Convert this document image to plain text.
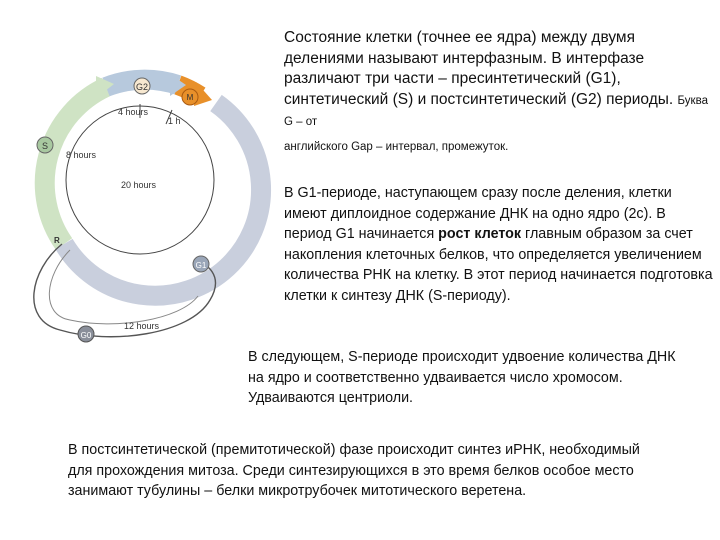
G2
M
S
G1
G0
4 hours
1 h
8 hours
20 hours
12 hours
R

Состояние клетки (точнее ее ядра) между двумя делениями называют интерфазным. В интерфазе различают три части – пресинтетический (G1), синтетический (S) и постсинтетический (G2) периоды. Буква G – от
английского Gap – интервал, промежуток.

В G1-периоде, наступающем сразу после деления, клетки имеют диплоидное содержание ДНК на одно ядро (2с). В период G1 начинается рост клеток главным образом за счет накопления клеточных белков, что определяется увеличением количества РНК на клетку. В этот период начинается подготовка клетки к синтезу ДНК (S-периоду).

В следующем, S-периоде происходит удвоение количества ДНК на ядро и соответственно удваивается число хромосом. Удваиваются центриоли.

В постсинтетической (премитотической) фазе происходит синтез иРНК, необходимый для прохождения митоза. Среди синтезирующихся в это время белков особое место занимают тубулины – белки микротрубочек митотического веретена.
